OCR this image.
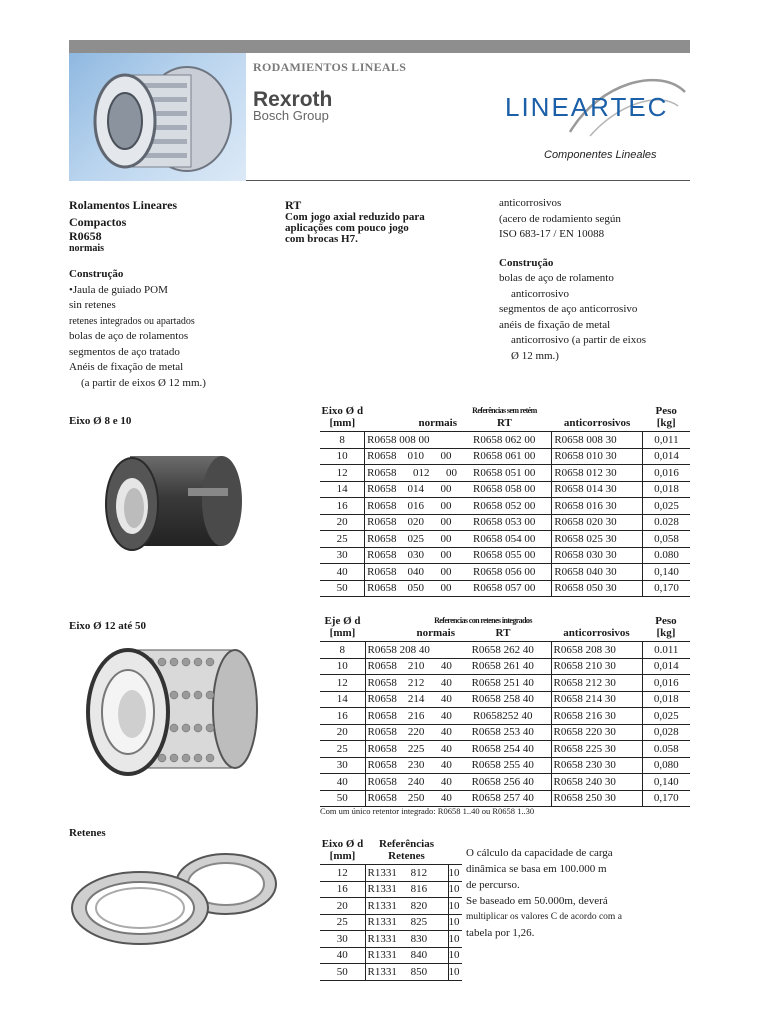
RODAMIENTOS LINEALS
Rexroth
Bosch Group	LINEARTEC
Componentes Lineales
Rolamentos Lineares
Compactos
R0658
normais
Construção
•Jaula de guiado POM
sin retenes
retenes integrados ou apartados
bolas de aço de rolamentos
segmentos de aço tratado
Anéis de fixação de metal
(a partir de eixos Ø 12 mm.)
RT
Com jogo axial reduzido para
aplicações com pouco jogo
com brocas H7.
anticorrosivos
(acero de rodamiento según
ISO 683-17 / EN 10088
Construção
bolas de aço de rolamento
anticorrosivo
segmentos de aço anticorrosivo
anéis de fixação de metal
anticorrosivo (a partir de eixos
Ø 12 mm.)
Eixo Ø 8 e 10
Eixo Ø 12 até 50
Retenes
Eixo Ø d
[mm]	normais	$^{Referências sem retém}$
RT	anticorrosivos	Peso
[kg]
8	R0658 008 00	R0658 062 00	R0658 008 30	0,011
10	R0658    010      00	R0658 061 00	R0658 010 30	0,014
12	R0658      012      00	R0658 051 00	R0658 012 30	0,016
14	R0658    014      00	R0658 058 00	R0658 014 30	0,018
16	R0658    016      00	R0658 052 00	R0658 016 30	0,025
20	R0658    020      00	R0658 053 00	R0658 020 30	0.028
25	R0658    025      00	R0658 054 00	R0658 025 30	0,058
30	R0658    030      00	R0658 055 00	R0658 030 30	0.080
40	R0658    040      00	R0658 056 00	R0658 040 30	0,140
50	R0658    050      00	R0658 057 00	R0658 050 30	0,170
Eje Ø d
[mm]	normais	$^{Referencias con retenes integrados}$
RT	anticorrosivos	Peso
[kg]
8	R0658 208 40	R0658 262 40	R0658 208 30	0.011
10	R0658    210      40	R0658 261 40	R0658 210 30	0,014
12	R0658    212      40	R0658 251 40	R0658 212 30	0,016
14	R0658    214      40	R0658 258 40	R0658 214 30	0,018
16	R0658    216      40	R0658252 40	R0658 216 30	0,025
20	R0658    220      40	R0658 253 40	R0658 220 30	0,028
25	R0658    225      40	R0658 254 40	R0658 225 30	0.058
30	R0658    230      40	R0658 255 40	R0658 230 30	0,080
40	R0658    240      40	R0658 256 40	R0658 240 30	0,140
50	R0658    250      40	R0658 257 40	R0658 250 30	0,170
Com um único retentor integrado: R0658 1..40 ou R0658 1..30
Eixo Ø d
[mm]	Referências
Retenes	
12	R1331     812	10
16	R1331     816	10
20	R1331     820	10
25	R1331     825	10
30	R1331     830	10
40	R1331     840	10
50	R1331     850	10
O cálculo da capacidade de carga
dinâmica se basa em 100.000 m
de percurso.
Se baseado em 50.000m, deverá
multiplicar os valores C de acordo com a
tabela por 1,26.
